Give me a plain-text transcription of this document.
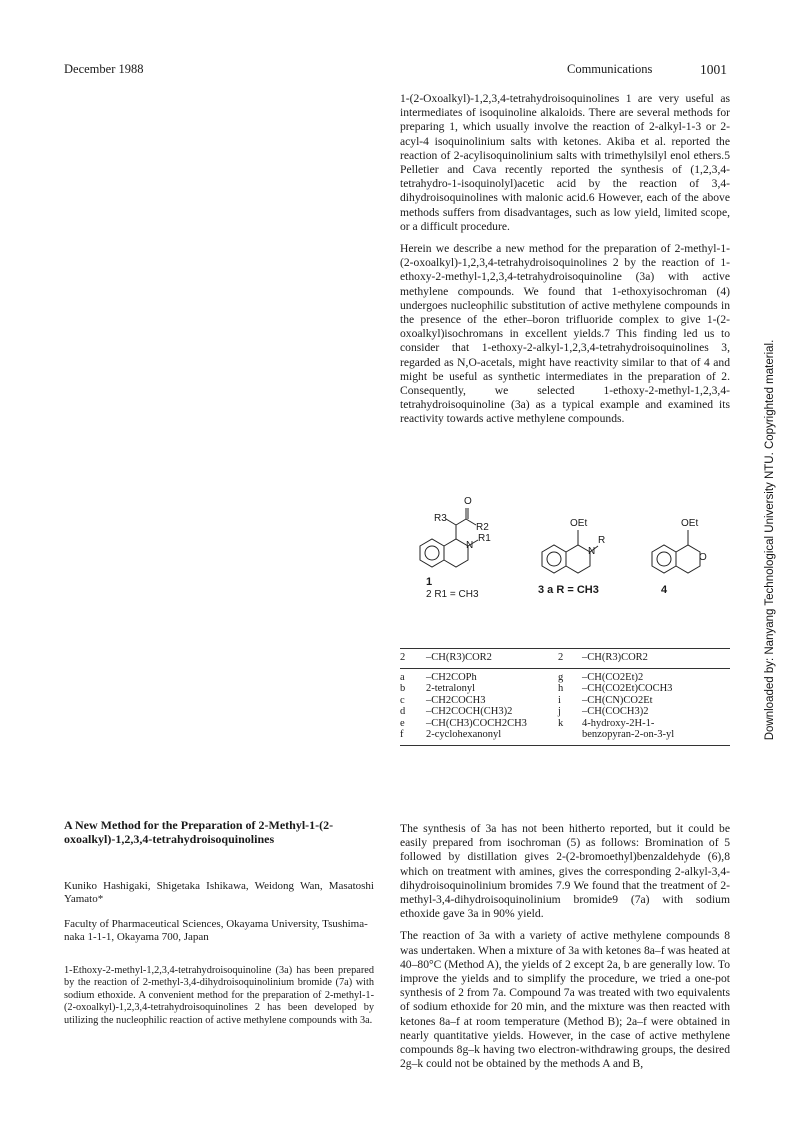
December 1988	Communications	1001
Downloaded by: Nanyang Technological University NTU. Copyrighted material.

1-(2-Oxoalkyl)-1,2,3,4-tetrahydroisoquinolines 1 are very useful as intermediates of isoquinoline alkaloids. There are several methods for preparing 1, which usually involve the reaction of 2-alkyl-1-3 or 2-acyl-4 isoquinolinium salts with ketones. Akiba et al. reported the reaction of 2-acylisoquinolinium salts with trimethylsilyl enol ethers.5 Pelletier and Cava recently reported the synthesis of (1,2,3,4-tetrahydro-1-isoquinolyl)acetic acid by the reaction of 3,4-dihydroisoquinolines with malonic acid.6 However, each of the above methods suffers from disadvantages, such as low yield, limited scope, or a difficult procedure.

Herein we describe a new method for the preparation of 2-methyl-1-(2-oxoalkyl)-1,2,3,4-tetrahydroisoquinolines 2 by the reaction of 1-ethoxy-2-methyl-1,2,3,4-tetrahydroisoquinoline (3a) with active methylene compounds. We found that 1-ethoxyisochroman (4) undergoes nucleophilic substitution of active methylene compounds in the presence of the ether–boron trifluoride complex to give 1-(2-oxoalkyl)isochromans in excellent yields.7 This finding led us to consider that 1-ethoxy-2-alkyl-1,2,3,4-tetrahydroisoquinolines 3, regarded as N,O-acetals, might have reactivity similar to that of 4 and might be useful as synthetic intermediates in the preparation of 2. Consequently, we selected 1-ethoxy-2-methyl-1,2,3,4-tetrahydroisoquinoline (3a) as a typical example and examined its reactivity towards active methylene compounds.

O
R3
R2
R1
N
1
2 R1 = CH3
OEt
R
N
3 a R = CH3
OEt
O
4
2	–CH(R3)COR2	2	–CH(R3)COR2
a	–CH2COPh	g	–CH(CO2Et)2
b	2-tetralonyl	h	–CH(CO2Et)COCH3
c	–CH2COCH3	i	–CH(CN)CO2Et
d	–CH2COCH(CH3)2	j	–CH(COCH3)2
e	–CH(CH3)COCH2CH3	k	4-hydroxy-2H-1-
f	2-cyclohexanonyl		benzopyran-2-on-3-yl

The synthesis of 3a has not been hitherto reported, but it could be easily prepared from isochroman (5) as follows: Bromination of 5 followed by distillation gives 2-(2-bromoethyl)benzaldehyde (6),8 which on treatment with amines, gives the corresponding 2-alkyl-3,4-dihydroisoquinolinium bromides 7.9 We found that the treatment of 2-methyl-3,4-dihydroisoquinolinium bromide9 (7a) with sodium ethoxide gave 3a in 90% yield.

The reaction of 3a with a variety of active methylene compounds 8 was undertaken. When a mixture of 3a with ketones 8a–f was heated at 40–80°C (Method A), the yields of 2 except 2a, b are generally low. To improve the yields and to simplify the procedure, we tried a one-pot synthesis of 2 from 7a. Compound 7a was treated with two equivalents of sodium ethoxide for 20 min, and the mixture was then reacted with ketones 8a–f at room temperature (Method B); 2a–f were obtained in nearly quantitative yields. However, in the case of active methylene compounds 8g–k having two electron-withdrawing groups, the desired 2g–k could not be obtained by the methods A and B,

A New Method for the Preparation of 2-Methyl-1-(2-oxoalkyl)-1,2,3,4-tetrahydroisoquinolines
Kuniko Hashigaki, Shigetaka Ishikawa, Weidong Wan, Masatoshi Yamato*
Faculty of Pharmaceutical Sciences, Okayama University, Tsushima-naka 1-1-1, Okayama 700, Japan
1-Ethoxy-2-methyl-1,2,3,4-tetrahydroisoquinoline (3a) has been prepared by the reaction of 2-methyl-3,4-dihydroisoquinolinium bromide (7a) with sodium ethoxide. A convenient method for the preparation of 2-methyl-1-(2-oxoalkyl)-1,2,3,4-tetrahydroisoquinolines 2 has been developed by utilizing the nucleophilic reaction of active methylene compounds with 3a.
